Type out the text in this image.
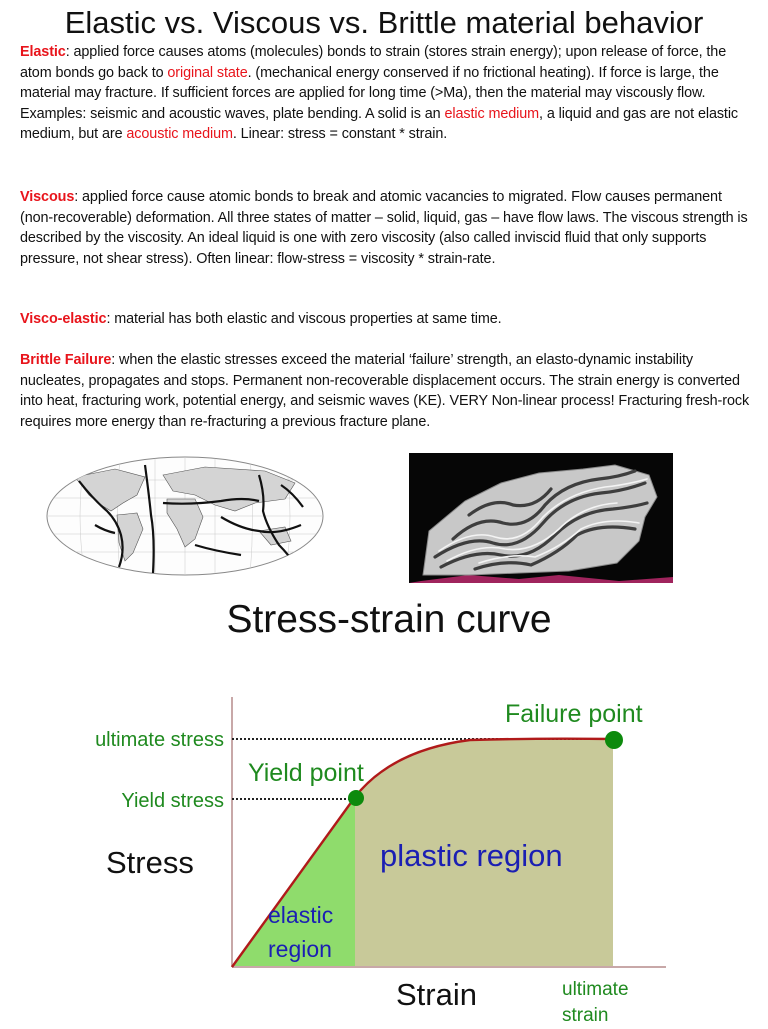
Elastic vs. Viscous vs. Brittle material behavior
Elastic: applied force causes atoms (molecules) bonds to strain (stores strain energy); upon release of force, the atom bonds go back to original state. (mechanical energy conserved if no frictional heating). If force is large, the material may fracture. If sufficient forces are applied for long time (>Ma), then the material may viscously flow. Examples: seismic and acoustic waves, plate bending. A solid is an elastic medium, a liquid and gas are not elastic medium, but are acoustic medium. Linear: stress = constant * strain.
Viscous: applied force cause atomic bonds to break and atomic vacancies to migrated. Flow causes permanent (non-recoverable) deformation. All three states of matter – solid, liquid, gas – have flow laws. The viscous strength is described by the viscosity. An ideal liquid is one with zero viscosity (also called inviscid fluid that only supports pressure, not shear stress). Often linear: flow-stress = viscosity * strain-rate.
Visco-elastic: material has both elastic and viscous properties at same time.
Brittle Failure: when the elastic stresses exceed the material ‘failure’ strength, an elasto-dynamic instability nucleates, propagates and stops. Permanent non-recoverable displacement occurs. The strain energy is converted into heat, fracturing work, potential energy, and seismic waves (KE). VERY Non-linear process! Fracturing fresh-rock requires more energy than re-fracturing a previous fracture plane.
Stress-strain curve
ultimate stress
Yield stress
Yield point
Failure point
Stress
Strain
plastic region
elastic
region
ultimate
strain
